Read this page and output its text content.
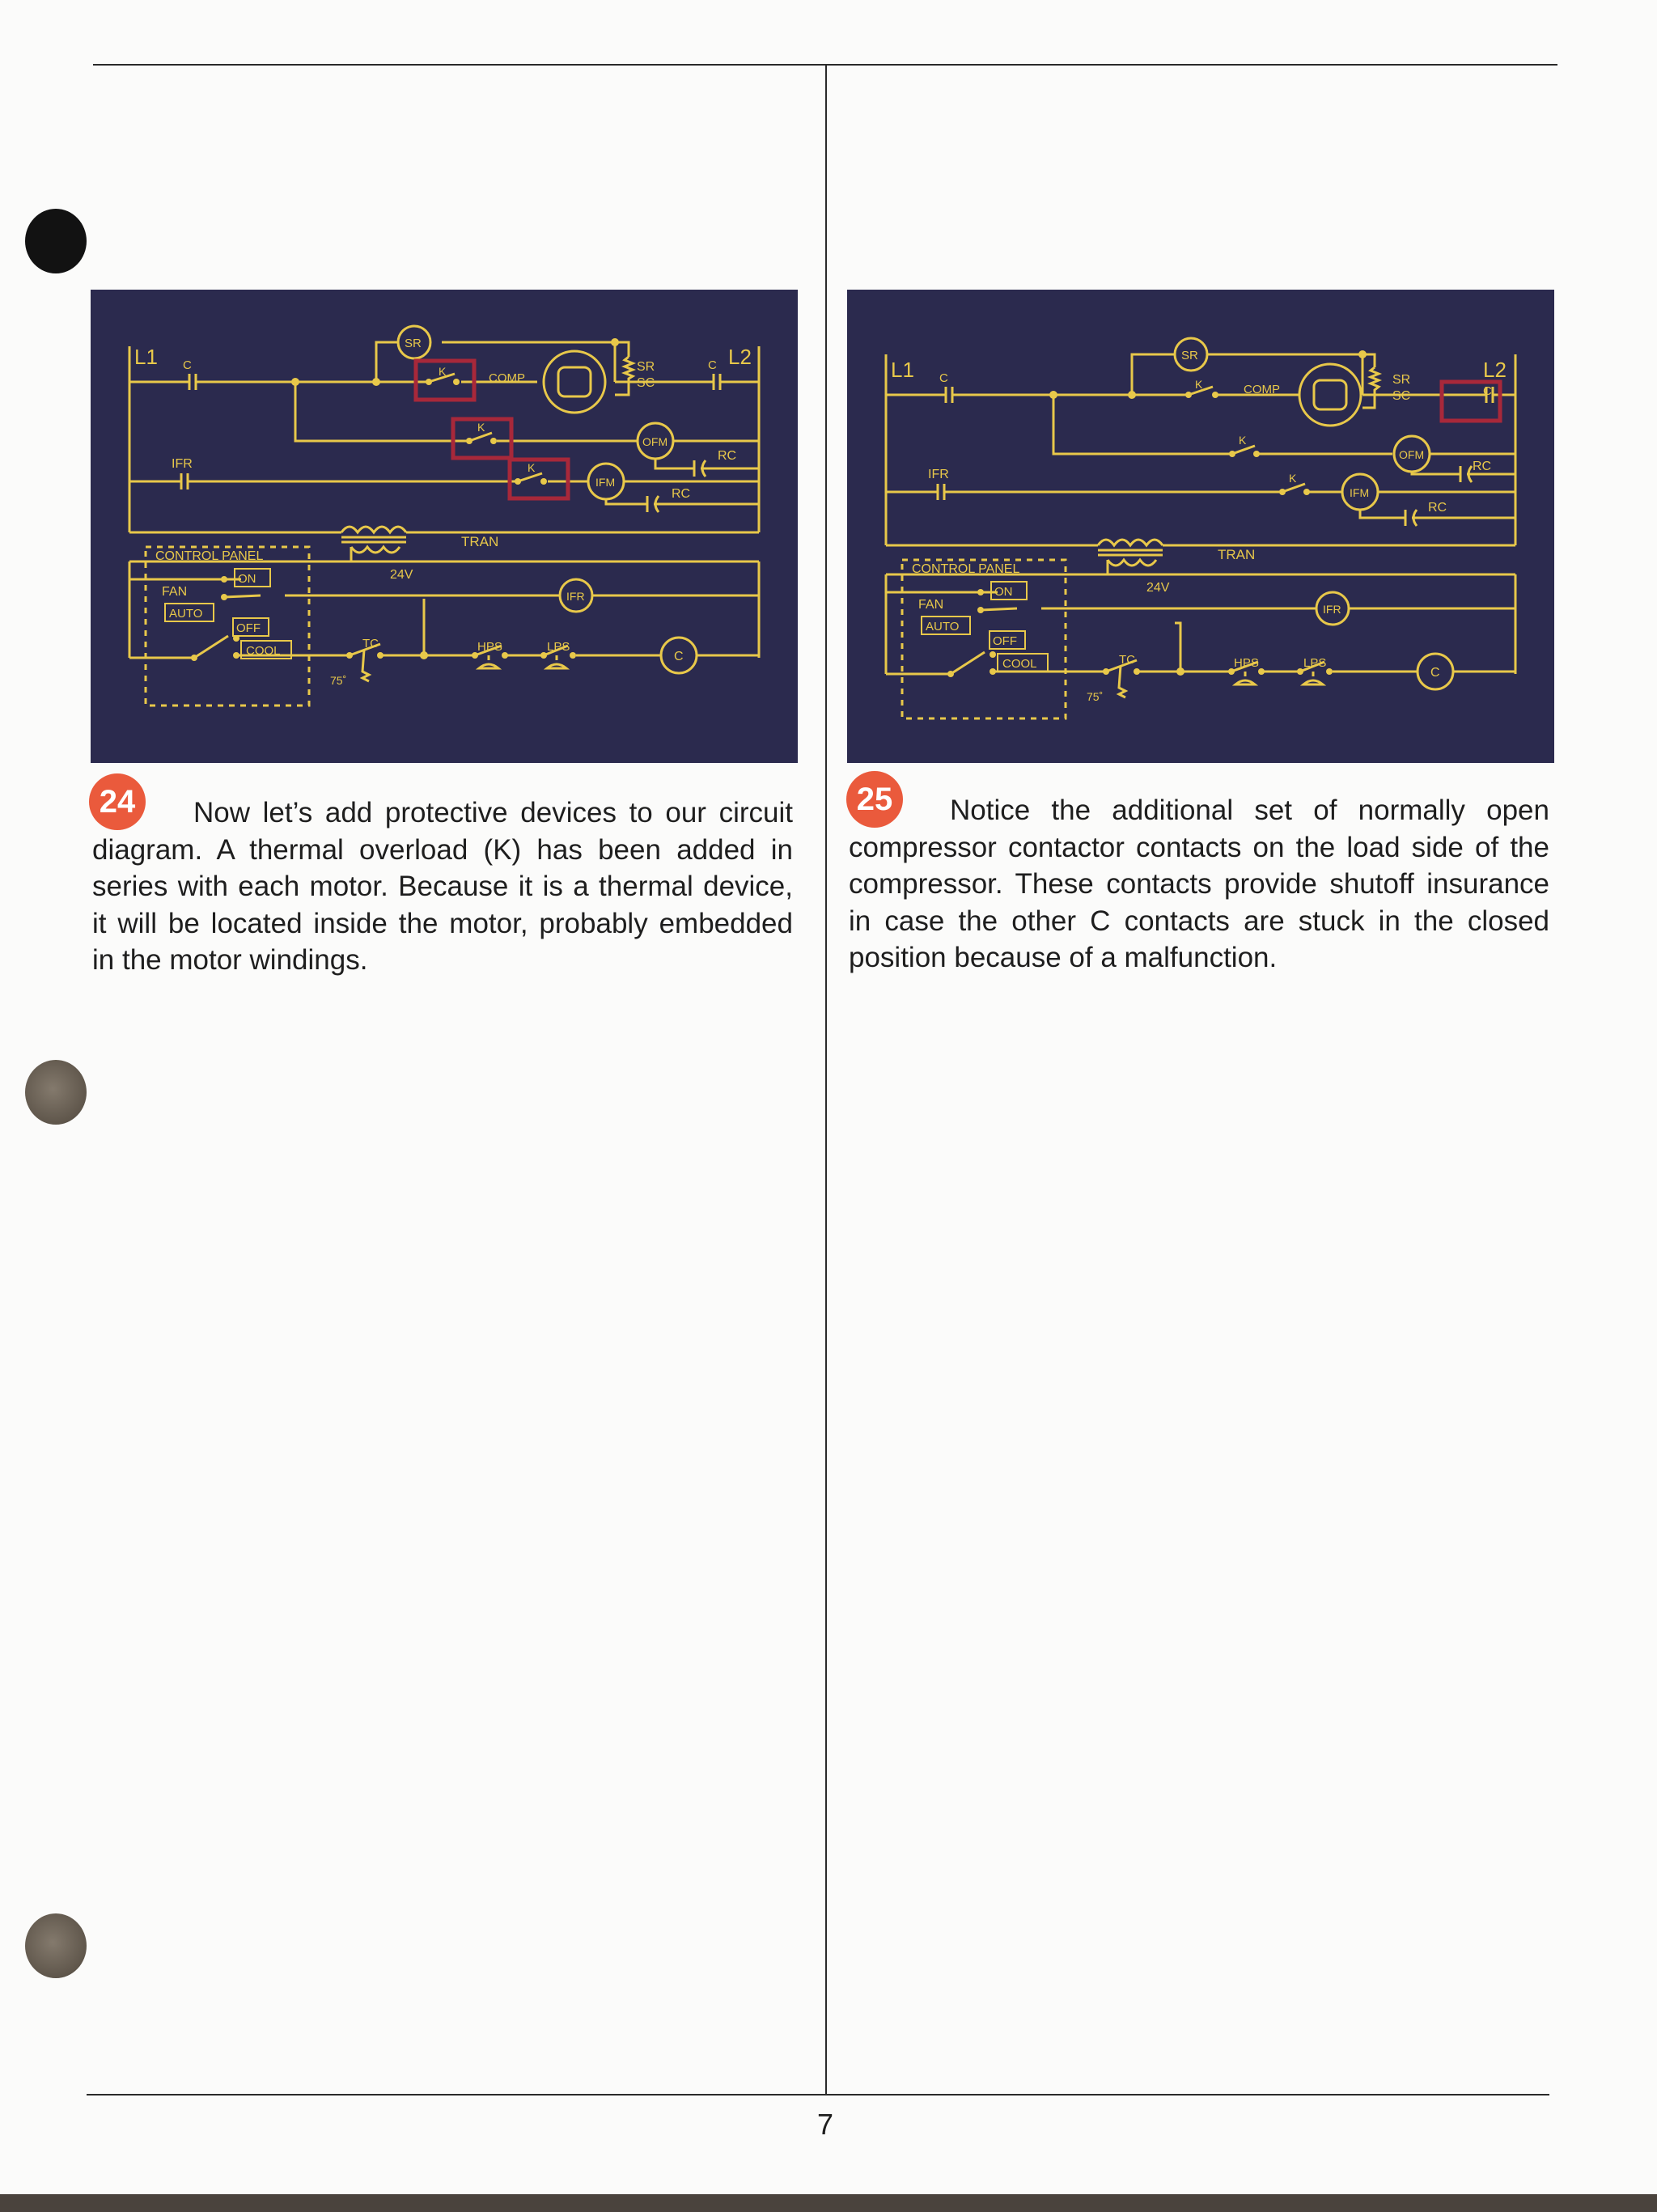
L1 C
SR
K	COMP
SR
SC
C L2
K
OFM
RC
IFR	K
IFM
RC
TRAN
24V
CONTROL PANEL
FAN
ON
AUTO
OFF
COOL
TC
75˚
HPS	LPS
IFR
C
L1 C
SR
K	COMP
SR
SC	C
L2
K
OFM
RC
IFR	K
IFM
RC
TRAN
24V
CONTROL PANEL
FAN
ON
AUTO
OFF
COOL	TC
75˚
HPS	LPS
IFR
C
24	Now let’s add protective devices to our circuit diagram. A thermal overload (K) has been added in series with each motor. Because it is a thermal device, it will be located inside the motor, probably embedded in the motor windings.

25	Notice the additional set of normally open compressor contactor contacts on the load side of the compressor. These contacts provide shutoff insurance in case the other C contacts are stuck in the closed position because of a malfunction.

7
